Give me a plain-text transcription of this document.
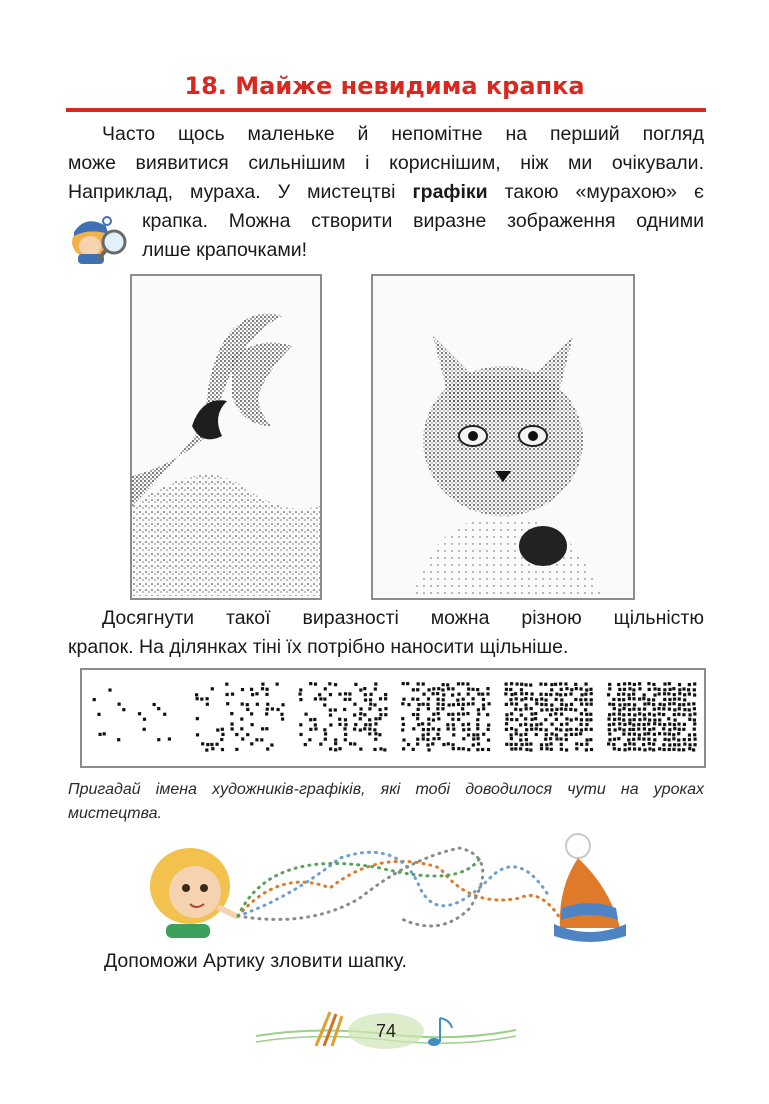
18. Майже невидима крапка
Часто щось маленьке й непомітне на перший погляд
може виявитися сильнішим і кориснішим, ніж ми очікували.
Наприклад, мураха. У мистецтві графіки такою «мурахою» є
крапка. Можна створити виразне зображення одними
лише крапочками!
Досягнути такої виразності можна різною щільністю
крапок. На ділянках тіні їх потрібно наносити щільніше.
Пригадай імена художників-графіків, які тобі доводилося чути на уроках мистецтва.
Допоможи Артику зловити шапку.
74
